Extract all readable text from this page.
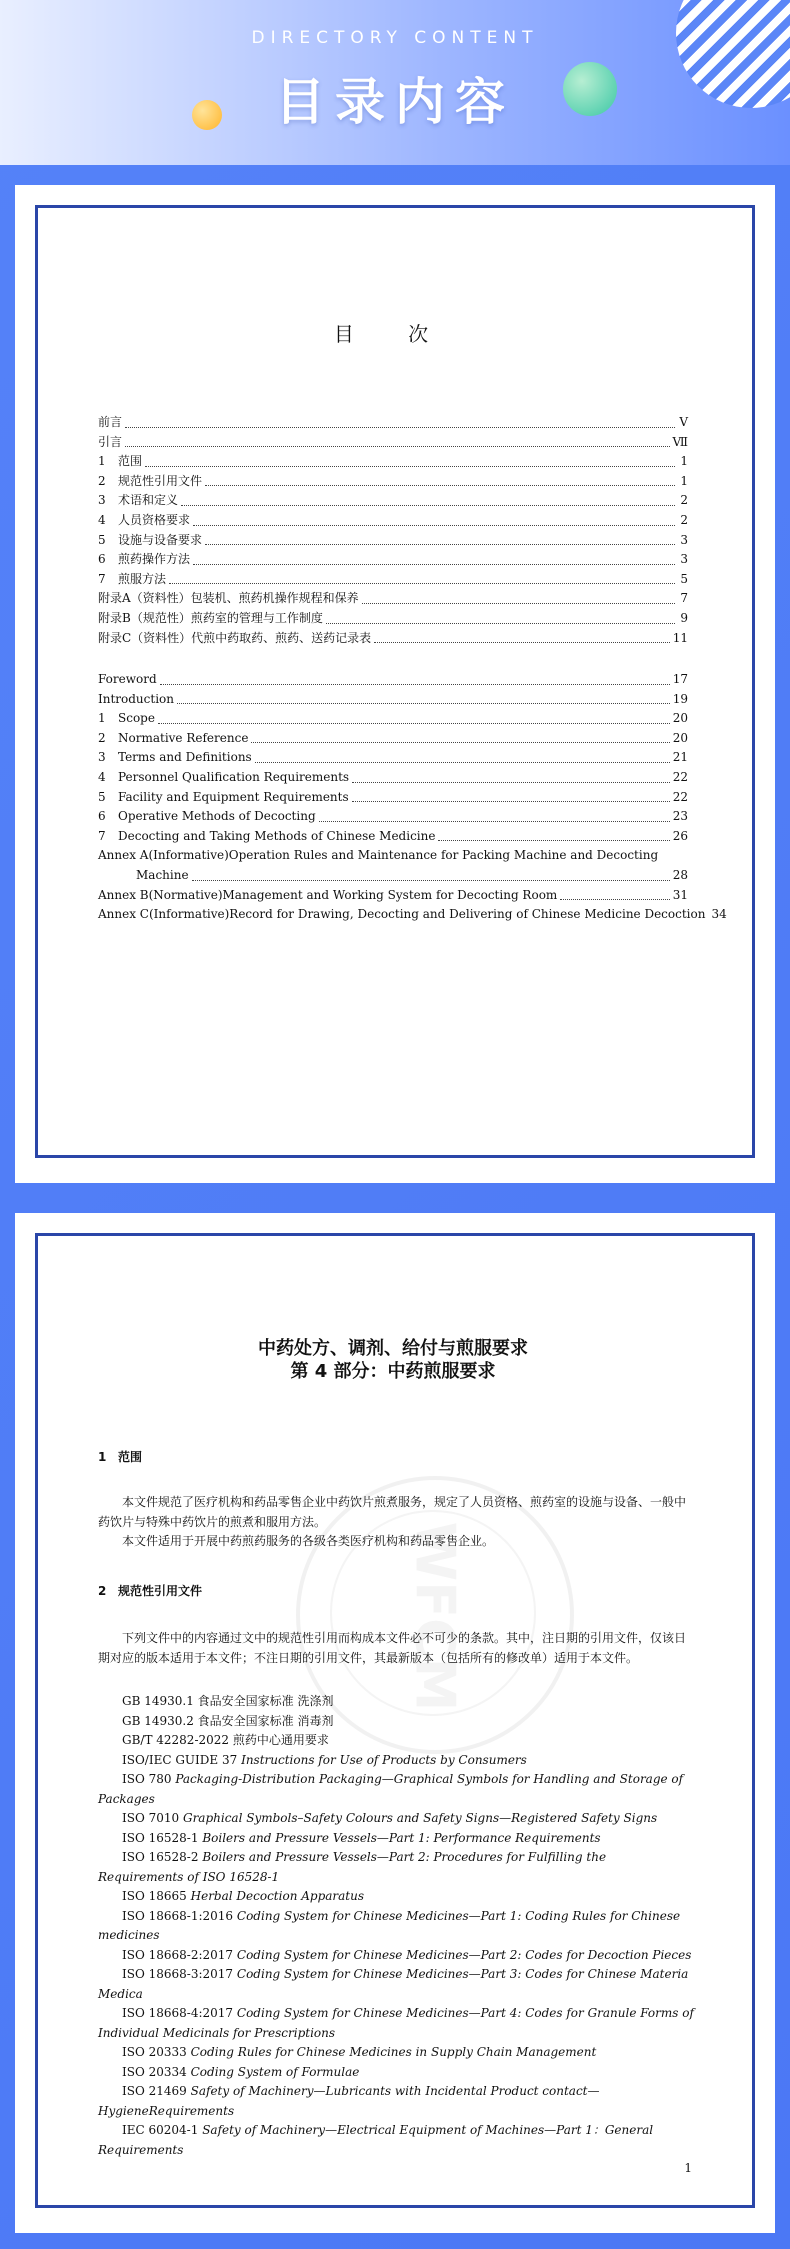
DIRECTORY CONTENT
目录内容
目 次
前言	Ⅴ
引言	Ⅶ
1	范围	1
2	规范性引用文件	1
3	术语和定义	2
4	人员资格要求	2
5	设施与设备要求	3
6	煎药操作方法	3
7	煎服方法	5
附录A（资料性）包装机、煎药机操作规程和保养	7
附录B（规范性）煎药室的管理与工作制度	9
附录C（资料性）代煎中药取药、煎药、送药记录表	11
Foreword	17
Introduction	19
1	Scope	20
2	Normative Reference	20
3	Terms and Definitions	21
4	Personnel Qualification Requirements	22
5	Facility and Equipment Requirements	22
6	Operative Methods of Decocting	23
7	Decocting and Taking Methods of Chinese Medicine	26
Annex A(Informative)Operation Rules and Maintenance for Packing Machine and Decocting
Machine	28
Annex B(Normative)Management and Working System for Decocting Room	31
Annex C(Informative)Record for Drawing, Decocting and Delivering of Chinese Medicine Decoction 34
WFCM
中药处方、调剂、给付与煎服要求
第 4 部分：中药煎服要求
1 范围
本文件规范了医疗机构和药品零售企业中药饮片煎煮服务，规定了人员资格、煎药室的设施与设备、一般中药饮片与特殊中药饮片的煎煮和服用方法。
本文件适用于开展中药煎药服务的各级各类医疗机构和药品零售企业。
2 规范性引用文件
下列文件中的内容通过文中的规范性引用而构成本文件必不可少的条款。其中，注日期的引用文件，仅该日期对应的版本适用于本文件；不注日期的引用文件，其最新版本（包括所有的修改单）适用于本文件。
GB 14930.1 食品安全国家标准 洗涤剂
GB 14930.2 食品安全国家标准 消毒剂
GB/T 42282-2022 煎药中心通用要求
ISO/IEC GUIDE 37 Instructions for Use of Products by Consumers
ISO 780 Packaging-Distribution Packaging—Graphical Symbols for Handling and Storage of Packages
ISO 7010 Graphical Symbols–Safety Colours and Safety Signs—Registered Safety Signs
ISO 16528-1 Boilers and Pressure Vessels—Part 1: Performance Requirements
ISO 16528-2 Boilers and Pressure Vessels—Part 2: Procedures for Fulfilling the Requirements of ISO 16528-1
ISO 18665 Herbal Decoction Apparatus
ISO 18668-1:2016 Coding System for Chinese Medicines—Part 1: Coding Rules for Chinese medicines
ISO 18668-2:2017 Coding System for Chinese Medicines—Part 2: Codes for Decoction Pieces
ISO 18668-3:2017 Coding System for Chinese Medicines—Part 3: Codes for Chinese Materia Medica
ISO 18668-4:2017 Coding System for Chinese Medicines—Part 4: Codes for Granule Forms of Individual Medicinals for Prescriptions
ISO 20333 Coding Rules for Chinese Medicines in Supply Chain Management
ISO 20334 Coding System of Formulae
ISO 21469 Safety of Machinery—Lubricants with Incidental Product contact—HygieneRequirements
IEC 60204-1 Safety of Machinery—Electrical Equipment of Machines—Part 1：General Requirements
1
